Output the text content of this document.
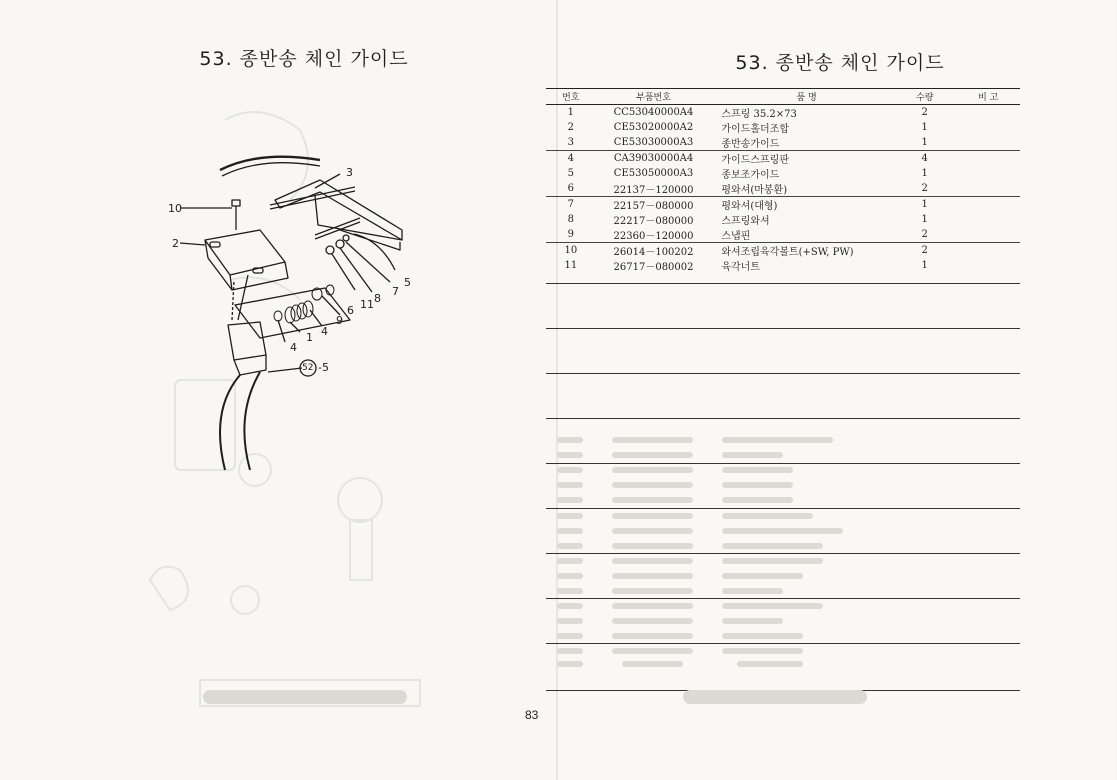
53. 종반송 체인 가이드
10
2
3
5
7
8
11
6
9
4
1
4
52 -5
53. 종반송 체인 가이드
번호	부품번호	품 명	수량	비 고
1	CC53040000A4	스프링 35.2×73	2	
2	CE53020000A2	가이드홀더조합	1	
3	CE53030000A3	종반송가이드	1	
4	CA39030000A4	가이드스프링판	4	
5	CE53050000A3	종보조가이드	1	
6	22137－120000	평와셔(마봉환)	2	
7	22157－080000	평와셔(대형)	1	
8	22217－080000	스프링와셔	1	
9	22360－120000	스냅핀	2	
10	26014－100202	와셔조립육각볼트(+SW, PW)	2	
11	26717－080002	육각너트	1	
83
